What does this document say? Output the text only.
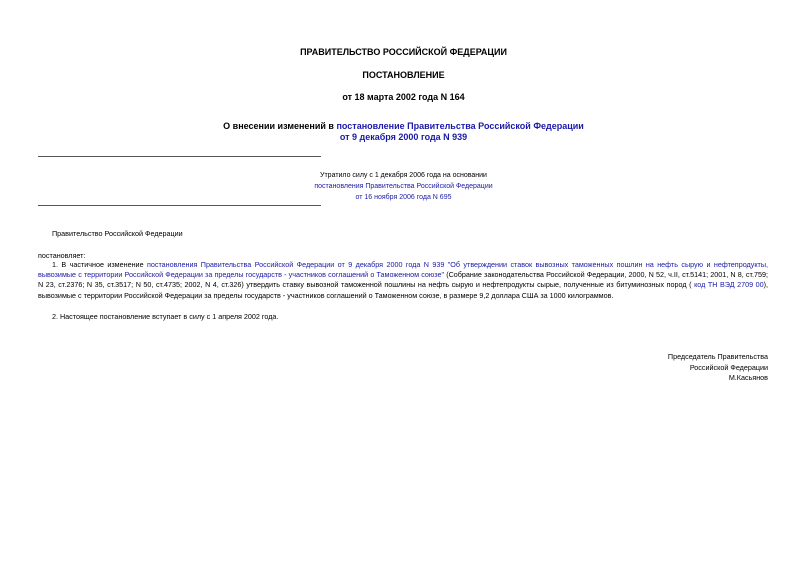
ПРАВИТЕЛЬСТВО РОССИЙСКОЙ ФЕДЕРАЦИИ
ПОСТАНОВЛЕНИЕ
от 18 марта 2002 года N 164
О внесении изменений в постановление Правительства Российской Федерации
от 9 декабря 2000 года N 939
Утратило силу с 1 декабря 2006 года на основании
постановления Правительства Российской Федерации
от 16 ноября 2006 года N 695
Правительство Российской Федерации
постановляет:
1. В частичное изменение постановления Правительства Российской Федерации от 9 декабря 2000 года N 939 "Об утверждении ставок вывозных таможенных пошлин на нефть сырую и нефтепродукты, вывозимые с территории Российской Федерации за пределы государств - участников соглашений о Таможенном союзе" (Собрание законодательства Российской Федерации, 2000, N 52, ч.II, ст.5141; 2001, N 8, ст.759; N 23, ст.2376; N 35, ст.3517; N 50, ст.4735; 2002, N 4, ст.326) утвердить ставку вывозной таможенной пошлины на нефть сырую и нефтепродукты сырые, полученные из битуминозных пород ( код ТН ВЭД 2709 00), вывозимые с территории Российской Федерации за пределы государств - участников соглашений о Таможенном союзе, в размере 9,2 доллара США за 1000 килограммов.
2. Настоящее постановление вступает в силу с 1 апреля 2002 года.
Председатель Правительства
Российской Федерации
М.Касьянов
